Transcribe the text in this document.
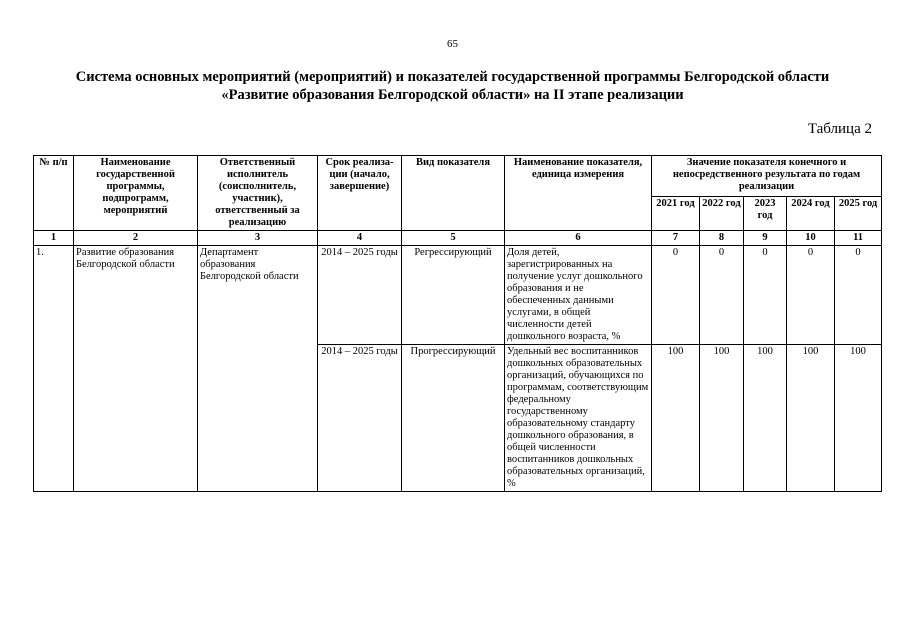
65
Система основных мероприятий (мероприятий) и показателей государственной программы Белгородской области
«Развитие образования Белгородской области» на II этапе реализации
Таблица 2
№ п/п	Наименование государственной программы, подпрограмм, мероприятий	Ответственный исполнитель (соисполнитель, участник), ответственный за реализацию	Срок реализа-ции (начало, завершение)	Вид показателя	Наименование показателя, единица измерения	Значение показателя конечного и непосредственного результата по годам реализации				
						2021 год	2022 год	2023 год	2024 год	2025 год
1	2	3	4	5	6	7	8	9	10	11
1.	Развитие образования Белгородской области	Департамент образования Белгородской области	2014 – 2025 годы	Регрессирующий	Доля детей, зарегистрированных на получение услуг дошкольного образования и не обеспеченных данными услугами, в общей численности детей дошкольного возраста, %	0	0	0	0	0
			2014 – 2025 годы	Прогрессирующий	Удельный вес воспитанников дошкольных образовательных организаций, обучающихся по программам, соответствующим федеральному государственному образовательному стандарту дошкольного образования, в общей численности воспитанников дошкольных образовательных организаций, %	100	100	100	100	100
